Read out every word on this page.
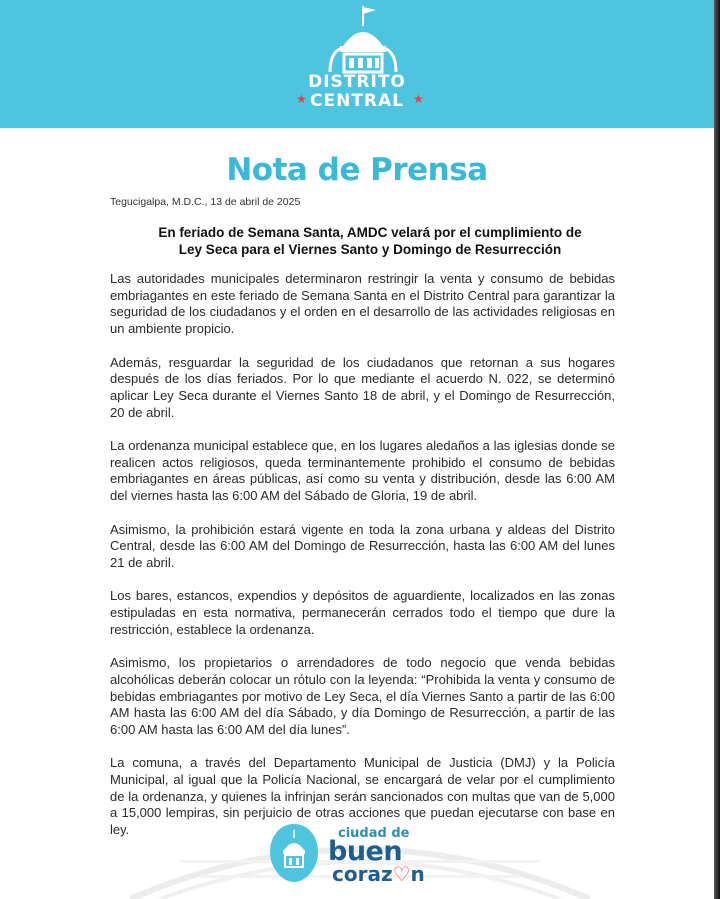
★
DISTRITO
CENTRAL ★
Nota de Prensa
Tegucigalpa, M.D.C., 13 de abril de 2025
En feriado de Semana Santa, AMDC velará por el cumplimiento de
Ley Seca para el Viernes Santo y Domingo de Resurrección

Las autoridades municipales determinaron restringir la venta y consumo de bebidas embriagantes en este feriado de Semana Santa en el Distrito Central para garantizar la seguridad de los ciudadanos y el orden en el desarrollo de las actividades religiosas en un ambiente propicio.

Además, resguardar la seguridad de los ciudadanos que retornan a sus hogares después de los días feriados. Por lo que mediante el acuerdo N. 022, se determinó aplicar Ley Seca durante el Viernes Santo 18 de abril, y el Domingo de Resurrección, 20 de abril.

La ordenanza municipal establece que, en los lugares aledaños a las iglesias donde se realicen actos religiosos, queda terminantemente prohibido el consumo de bebidas embriagantes en áreas públicas, así como su venta y distribución, desde las 6:00 AM del viernes hasta las 6:00 AM del Sábado de Gloria, 19 de abril.

Asimismo, la prohibición estará vigente en toda la zona urbana y aldeas del Distrito Central, desde las 6:00 AM del Domingo de Resurrección, hasta las 6:00 AM del lunes 21 de abril.

Los bares, estancos, expendios y depósitos de aguardiente, localizados en las zonas estipuladas en esta normativa, permanecerán cerrados todo el tiempo que dure la restricción, establece la ordenanza.

Asimismo, los propietarios o arrendadores de todo negocio que venda bebidas alcohólicas deberán colocar un rótulo con la leyenda: “Prohibida la venta y consumo de bebidas embriagantes por motivo de Ley Seca, el día Viernes Santo a partir de las 6:00 AM hasta las 6:00 AM del día Sábado, y día Domingo de Resurrección, a partir de las 6:00 AM hasta las 6:00 AM del día lunes”.

La comuna, a través del Departamento Municipal de Justicia (DMJ) y la Policía Municipal, al igual que la Policía Nacional, se encargará de velar por el cumplimiento de la ordenanza, y quienes la infrinjan serán sancionados con multas que van de 5,000 a 15,000 lempiras, sin perjuicio de otras acciones que puedan ejecutarse con base en ley.	ciudad de
buen
coraz♡n
